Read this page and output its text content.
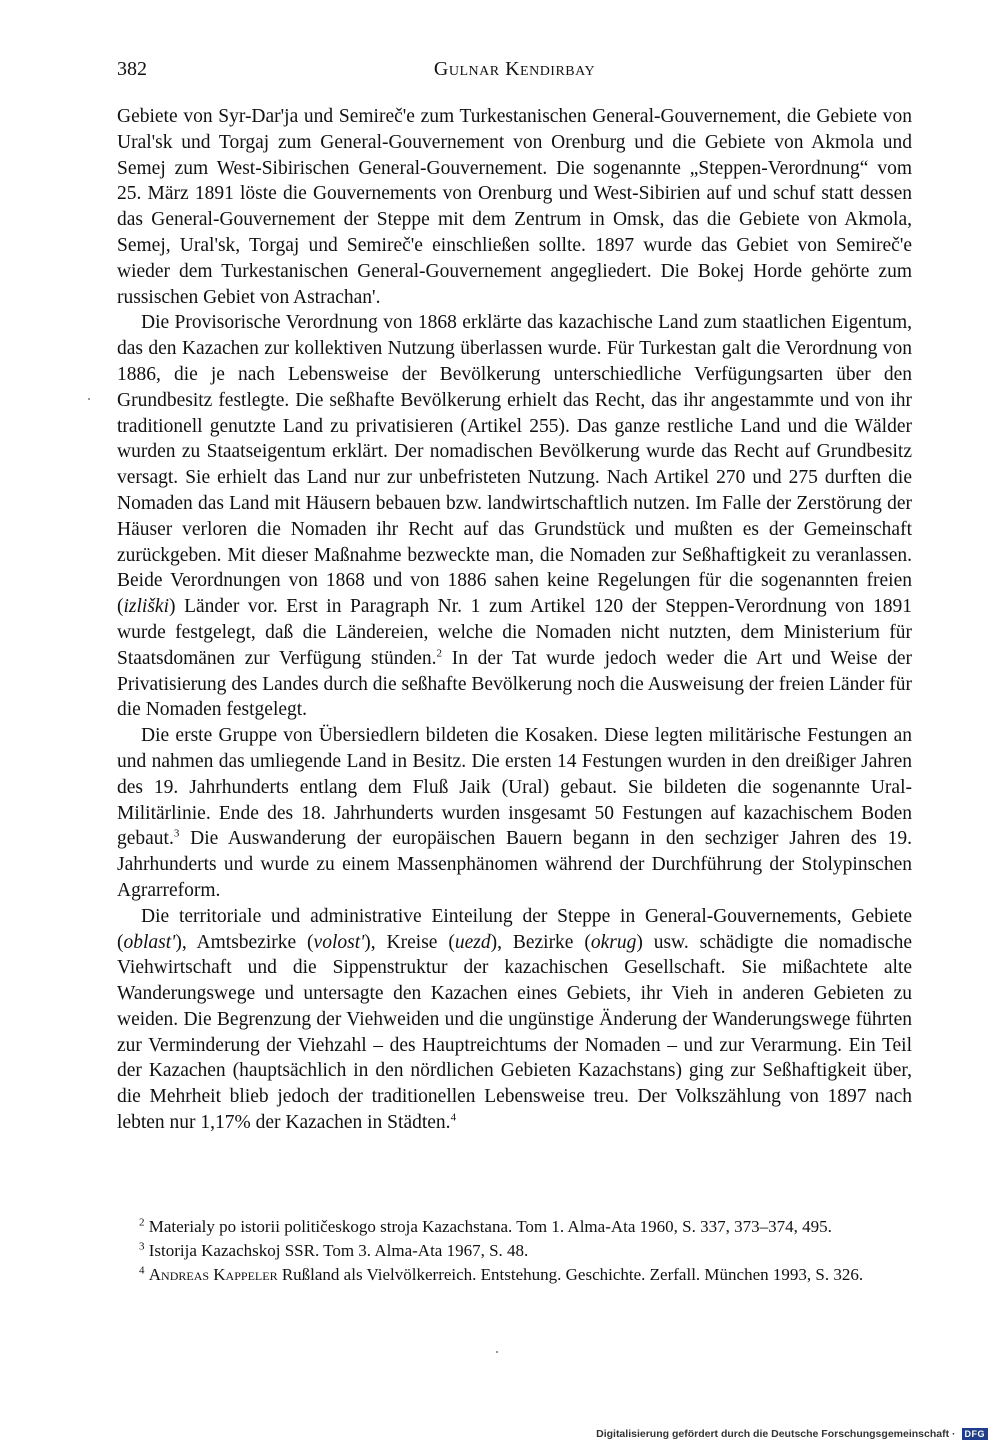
382	Gulnar Kendirbay

Gebiete von Syr-Dar'ja und Semireč'e zum Turkestanischen General-Gouvernement, die Gebiete von Ural'sk und Torgaj zum General-Gouvernement von Orenburg und die Gebiete von Akmola und Semej zum West-Sibirischen General-Gouvernement. Die sogenannte „Steppen-Verordnung“ vom 25. März 1891 löste die Gouvernements von Orenburg und West-Sibirien auf und schuf statt dessen das General-Gouvernement der Steppe mit dem Zentrum in Omsk, das die Gebiete von Akmola, Semej, Ural'sk, Torgaj und Semireč'e einschließen sollte. 1897 wurde das Gebiet von Semireč'e wieder dem Turkestanischen General-Gouvernement angegliedert. Die Bokej Horde gehörte zum russischen Gebiet von Astrachan'.

Die Provisorische Verordnung von 1868 erklärte das kazachische Land zum staatlichen Eigentum, das den Kazachen zur kollektiven Nutzung überlassen wurde. Für Turkestan galt die Verordnung von 1886, die je nach Lebensweise der Bevölkerung unterschiedliche Verfügungsarten über den Grundbesitz festlegte. Die seßhafte Bevölkerung erhielt das Recht, das ihr angestammte und von ihr traditionell genutzte Land zu privatisieren (Artikel 255). Das ganze restliche Land und die Wälder wurden zu Staatseigentum erklärt. Der nomadischen Bevölkerung wurde das Recht auf Grundbesitz versagt. Sie erhielt das Land nur zur unbefristeten Nutzung. Nach Artikel 270 und 275 durften die Nomaden das Land mit Häusern bebauen bzw. landwirtschaftlich nutzen. Im Falle der Zerstörung der Häuser verloren die Nomaden ihr Recht auf das Grundstück und mußten es der Gemeinschaft zurückgeben. Mit dieser Maßnahme bezweckte man, die Nomaden zur Seßhaftigkeit zu veranlassen. Beide Verordnungen von 1868 und von 1886 sahen keine Regelungen für die sogenannten freien (izliški) Länder vor. Erst in Paragraph Nr. 1 zum Artikel 120 der Steppen-Verordnung von 1891 wurde festgelegt, daß die Ländereien, welche die Nomaden nicht nutzten, dem Ministerium für Staatsdomänen zur Verfügung stünden.$^2$ In der Tat wurde jedoch weder die Art und Weise der Privatisierung des Landes durch die seßhafte Bevölkerung noch die Ausweisung der freien Länder für die Nomaden festgelegt.

Die erste Gruppe von Übersiedlern bildeten die Kosaken. Diese legten militärische Festungen an und nahmen das umliegende Land in Besitz. Die ersten 14 Festungen wurden in den dreißiger Jahren des 19. Jahrhunderts entlang dem Fluß Jaik (Ural) gebaut. Sie bildeten die sogenannte Ural-Militärlinie. Ende des 18. Jahrhunderts wurden insgesamt 50 Festungen auf kazachischem Boden gebaut.$^3$ Die Auswanderung der europäischen Bauern begann in den sechziger Jahren des 19. Jahrhunderts und wurde zu einem Massenphänomen während der Durchführung der Stolypinschen Agrarreform.

Die territoriale und administrative Einteilung der Steppe in General-Gouvernements, Gebiete (oblast'), Amtsbezirke (volost'), Kreise (uezd), Bezirke (okrug) usw. schädigte die nomadische Viehwirtschaft und die Sippenstruktur der kazachischen Gesellschaft. Sie mißachtete alte Wanderungswege und untersagte den Kazachen eines Gebiets, ihr Vieh in anderen Gebieten zu weiden. Die Begrenzung der Viehweiden und die ungünstige Änderung der Wanderungswege führten zur Verminderung der Viehzahl – des Hauptreichtums der Nomaden – und zur Verarmung. Ein Teil der Kazachen (hauptsächlich in den nördlichen Gebieten Kazachstans) ging zur Seßhaftigkeit über, die Mehrheit blieb jedoch der traditionellen Lebensweise treu. Der Volkszählung von 1897 nach lebten nur 1,17% der Kazachen in Städten.$^4$

$^2$ Materialy po istorii političeskogo stroja Kazachstana. Tom 1. Alma-Ata 1960, S. 337, 373–374, 495.

$^3$ Istorija Kazachskoj SSR. Tom 3. Alma-Ata 1967, S. 48.

$^4$ Andreas Kappeler Rußland als Vielvölkerreich. Entstehung. Geschichte. Zerfall. München 1993, S. 326.

Digitalisierung gefördert durch die Deutsche Forschungsgemeinschaft ·	DFG
